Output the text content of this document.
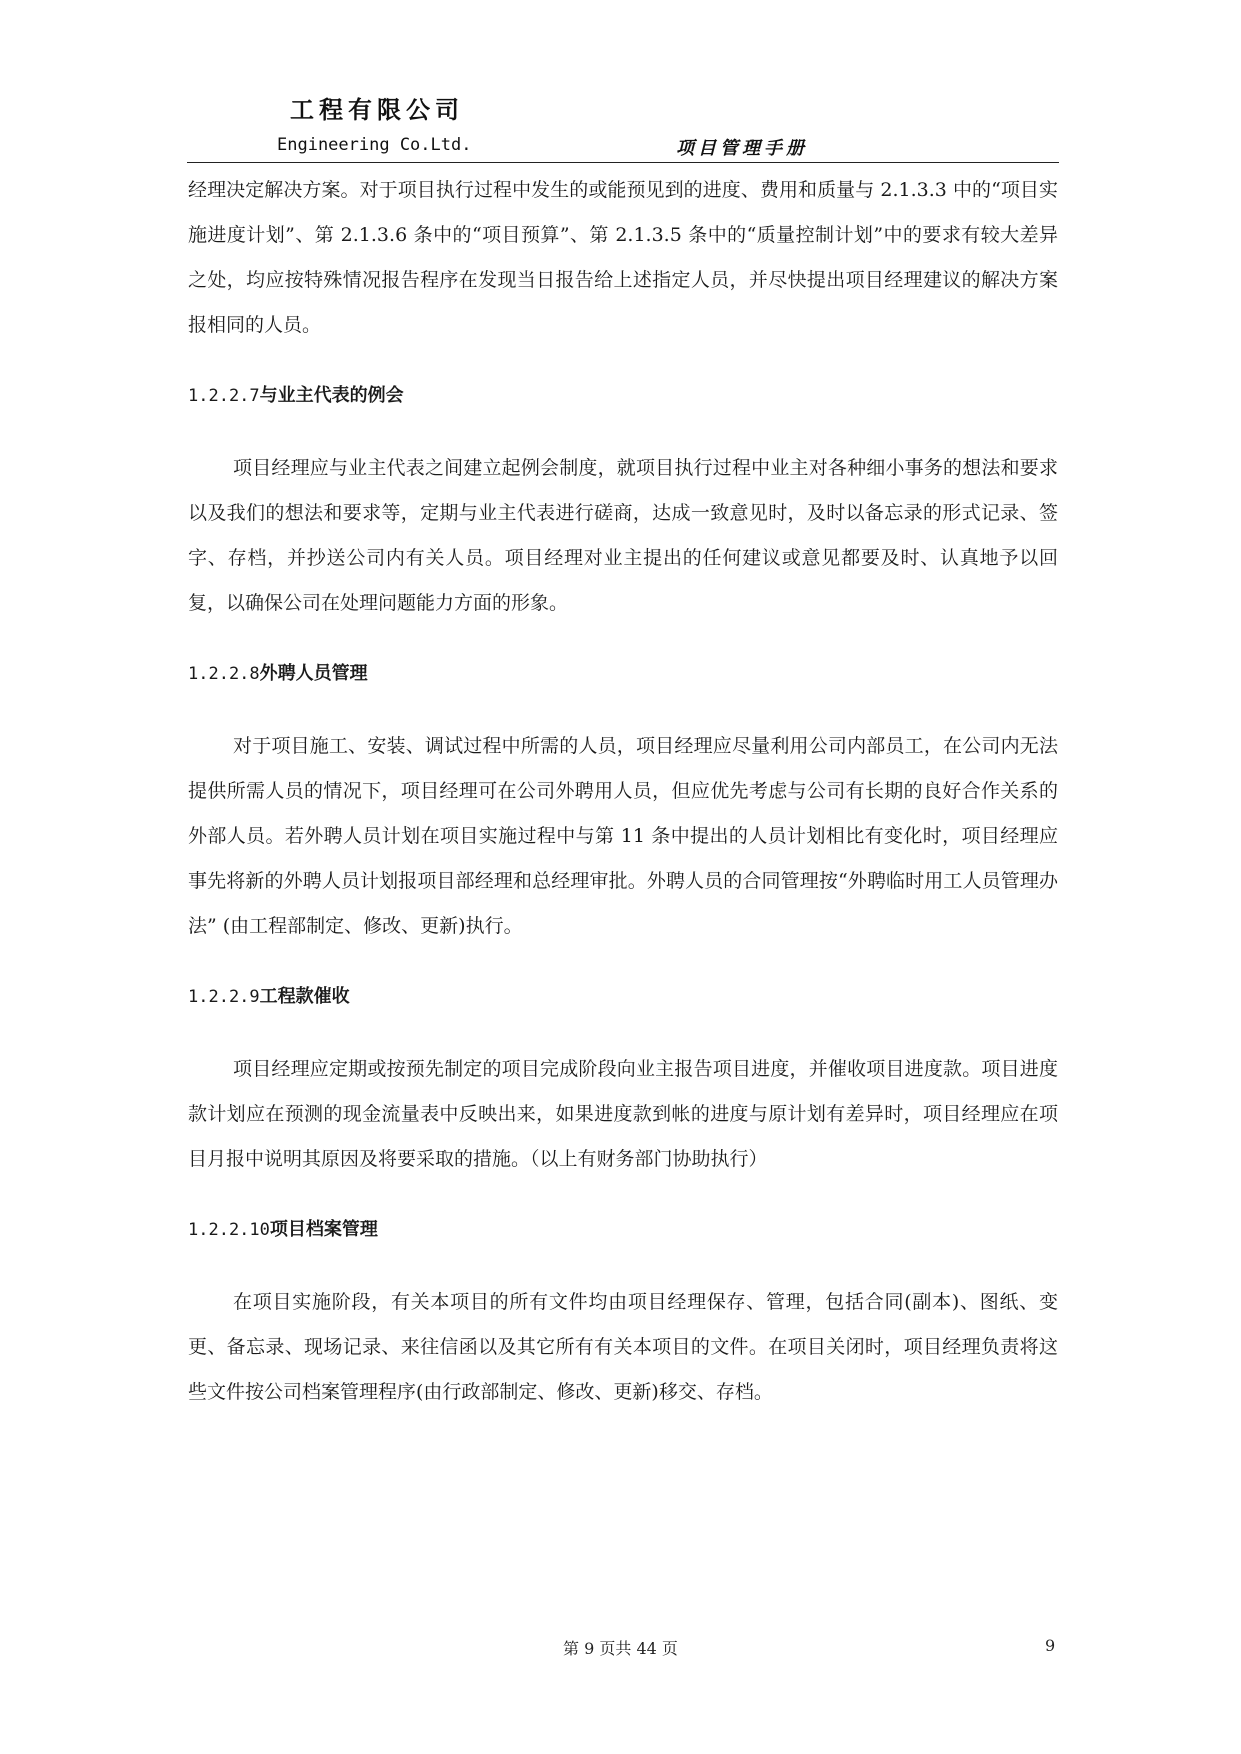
工程有限公司
Engineering Co.Ltd.	项目管理手册

经理决定解决方案。对于项目执行过程中发生的或能预见到的进度、费用和质量与 2.1.3.3 中的“项目实施进度计划”、第 2.1.3.6 条中的“项目预算”、第 2.1.3.5 条中的“质量控制计划”中的要求有较大差异之处，均应按特殊情况报告程序在发现当日报告给上述指定人员，并尽快提出项目经理建议的解决方案报相同的人员。

1.2.2.7与业主代表的例会

项目经理应与业主代表之间建立起例会制度，就项目执行过程中业主对各种细小事务的想法和要求以及我们的想法和要求等，定期与业主代表进行磋商，达成一致意见时，及时以备忘录的形式记录、签字、存档，并抄送公司内有关人员。项目经理对业主提出的任何建议或意见都要及时、认真地予以回复，以确保公司在处理问题能力方面的形象。

1.2.2.8外聘人员管理

对于项目施工、安装、调试过程中所需的人员，项目经理应尽量利用公司内部员工，在公司内无法提供所需人员的情况下，项目经理可在公司外聘用人员，但应优先考虑与公司有长期的良好合作关系的外部人员。若外聘人员计划在项目实施过程中与第 11 条中提出的人员计划相比有变化时，项目经理应事先将新的外聘人员计划报项目部经理和总经理审批。外聘人员的合同管理按“外聘临时用工人员管理办法” (由工程部制定、修改、更新)执行。

1.2.2.9工程款催收

项目经理应定期或按预先制定的项目完成阶段向业主报告项目进度，并催收项目进度款。项目进度款计划应在预测的现金流量表中反映出来，如果进度款到帐的进度与原计划有差异时，项目经理应在项目月报中说明其原因及将要采取的措施。（以上有财务部门协助执行）

1.2.2.10项目档案管理

在项目实施阶段，有关本项目的所有文件均由项目经理保存、管理，包括合同(副本)、图纸、变更、备忘录、现场记录、来往信函以及其它所有有关本项目的文件。在项目关闭时，项目经理负责将这些文件按公司档案管理程序(由行政部制定、修改、更新)移交、存档。

第 9 页共 44 页	9
